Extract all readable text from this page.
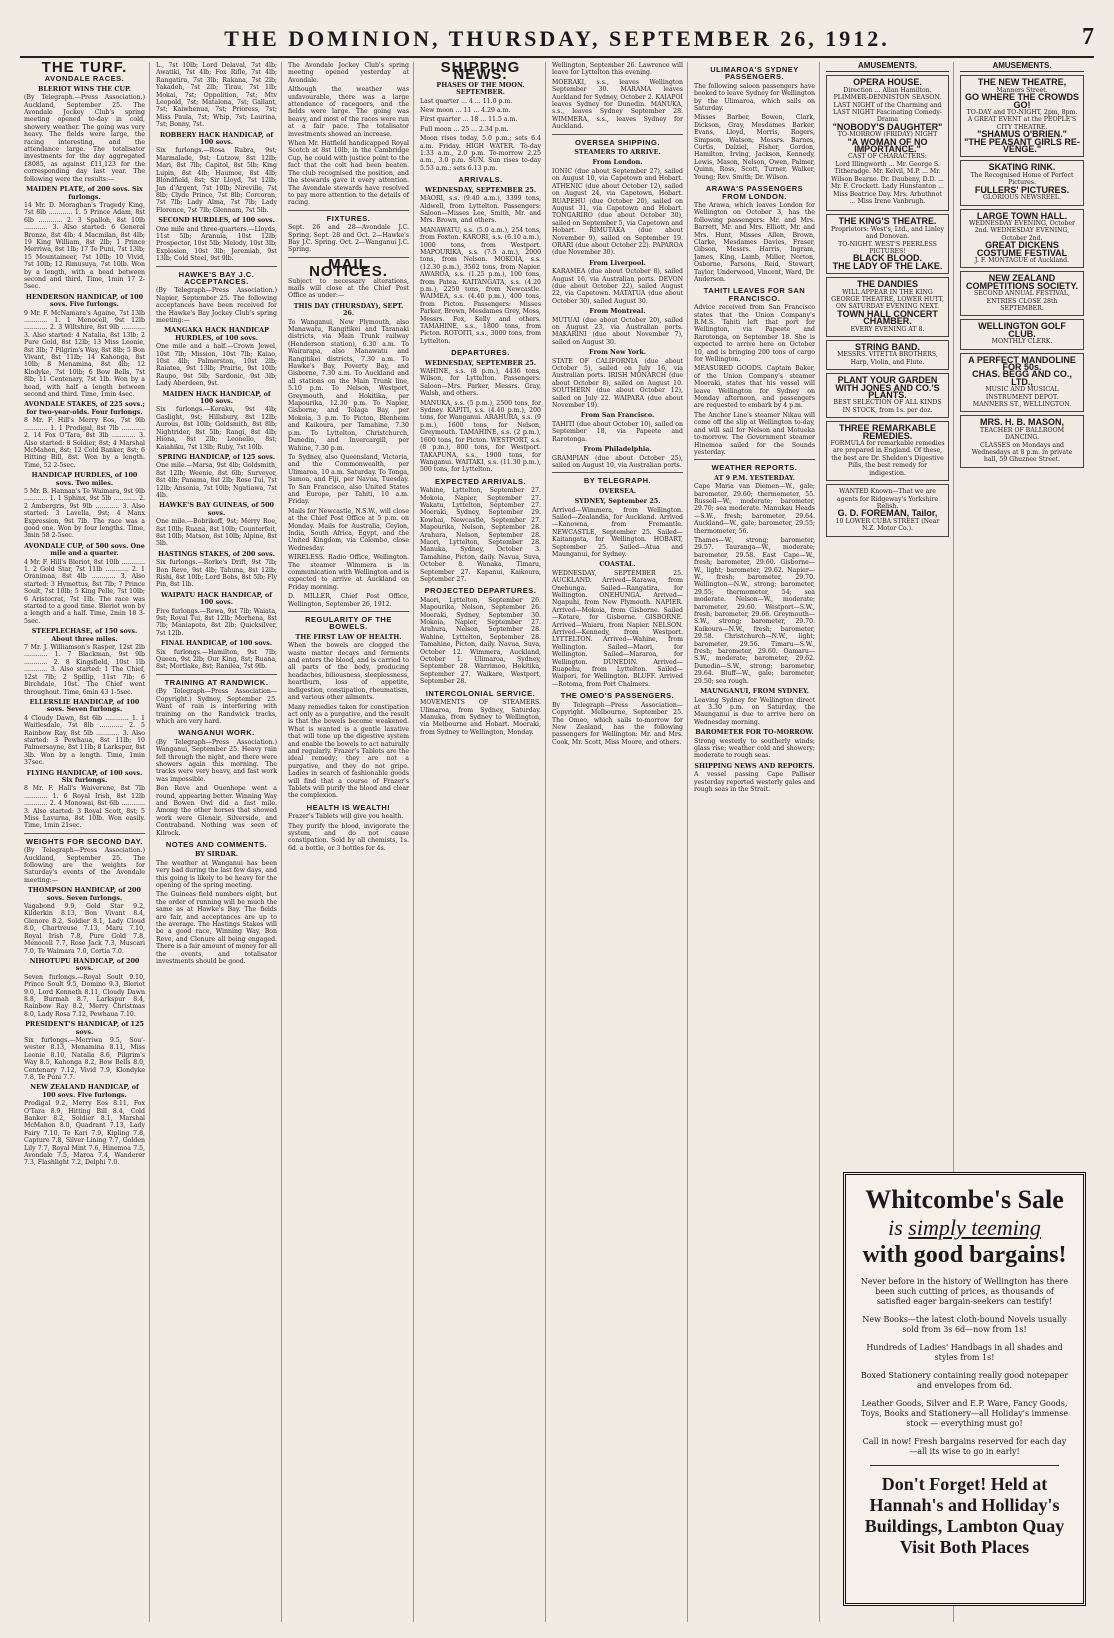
THE DOMINION, THURSDAY, SEPTEMBER 26, 1912.	7
THE TURF.
AVONDALE RACES.
BLERIOT WINS THE CUP.

(By Telegraph.—Press Association.) Auckland, September 25. The Avondale Jockey Club's spring meeting opened to-day in cold, showery weather. The going was very heavy. The fields were large, the racing interesting, and the attendance large. The totalisator investments for the day aggregated £8085, as against £11,123 for the corresponding day last year. The following were the results:—

MAIDEN PLATE, of 200 sovs. Six furlongs.

14 Mr. D. Moraghan's Tragedy King, 7st 8lb ............ 1. 5 Prince Adam, 8st 6lb ............ 2. 3 Spalloh, 8st 10lb ............ 3. Also started: 6 General Bronze, 8st 4lb; 4 Macmilan, 8st 4lb; 19 King William, 8st 2lb; 1 Prince Merriwa, 8st 1lb; 17 Te Puni, 7st 13lb; 15 Mountaineer, 7st 10lb; 10 Vivid, 7st 10lb; 12 Rimusuya, 7st 10lb. Won by a length, with a head between second and third. Time, 1min 17 2-5sec.

HENDERSON HANDICAP, of 100 sovs. Five furlongs.

9 Mr. F. McNamara's Againe, 7st 13lb ............ 1. 1 Menocell, 9st 12lb ............ 2. 3 Wiltshire, 8st 9lb ............ 3. Also started: 4 Natalia, 8st 13lb; 2 Pure Gold, 8st 12lb; 13 Miss Leonie, 8st 3lb; 7 Pilgrim's Way, 8st 8lb; 5 Bon Vivant, 8st 11lb; 14 Kahonga, 8st 10lb; 8 Menamina, 8st 4lb; 12 Klodyke, 7st 10lb; 6 Bow Bells, 7st 8lb; 11 Centenary, 7st 1lb. Won by a head, with half a length between second and third. Time, 1min 4sec.

AVONDALE STAKES, of 225 sovs.; for two-year-olds. Four furlongs.

8 Mr. F. Hill's Merry Eos, 7st 9lb ............ 1. 1 Prodigal, 8st 7lb ............ 2. 14 Fox O'Tara, 8st 3lb ............ 3. Also started: 8 Soldier, 8st; 4 Marshal McMahon, 8st; 12 Cold Banker, 8st; 6 Hitting Bill, 8st. Won by a length. Time, 52 2-5sec.

HANDICAP HURDLES, of 100 sovs. Two miles.

5 Mr. B. Hannan's Te Waimara, 9st 9lb ............ 1. 1 Sphinx, 9st 5lb ............ 2. 2 Ambergris, 9st 9lb ............ 3. Also started: 3 Lavella, 9st; 4 Manx Expression, 9st 7lb. The race was a good one. Won by four lengths. Time, 3min 58 2-5sec.

AVONDALE CUP, of 500 sovs. One mile and a quarter.

4 Mr. F. Hill's Bleriot, 8st 10lb ............ 1. 2 Gold Star, 7st 11lb ............ 2. 1 Oranimaa, 8st 4lb ............ 3. Also started: 3 Hymettus, 8st 7lb; 7 Prince Soult, 7st 10lb; 5 King Pelle, 7st 10lb; 6 Aristocrat, 7st 1lb. The race was started to a good time. Bleriot won by a length and a half. Time, 2min 18 3-5sec.

STEEPLECHASE, of 150 sovs. About three miles.

7 Mr. J. Williamson's Rasper, 12st 2lb ............ 1. 7 Blackman, 9st 9lb ............ 2. 8 Kingsfield, 10st 1lb ............ 3. Also started: 1 The Chief, 12st 7lb; 2 Spillip, 11st 7lb; 6 Birchdale, 10st. The Chief went throughout. Time, 6min 43 1-5sec.

ELLERSLIE HANDICAP, of 100 sovs. Seven furlongs.

4 Cloudy Dawn, 8st 6lb ............ 1. 1 Waitlesdale, 7st 8lb ............ 2. 5 Rainbow Ray, 8st 5lb ............ 3. Also started: 3 Pewhaua, 8st 11lb; 10 Palmersayne, 8st 11lb; 8 Larkspur, 8st 3lb. Won by a length. Time, 1min 37sec.

FLYING HANDICAP, of 100 sovs. Six furlongs.

8 Mr. F. Hall's Waiverene, 8st 7lb ............ 1. 6 Royal Irish, 8st 12lb ............ 2. 4 Monowai, 8st 6lb ............ 3. Also started: 3 Royal Scott, 8st; 5 Miss Lavurna, 8st 10lb. Won easily. Time, 1min 21sec.

WEIGHTS FOR SECOND DAY.

(By Telegraph—Press Association.) Auckland, September 25. The following are the weights for Saturday's events of the Avondale meeting:—

THOMPSON HANDICAP, of 200 sovs. Seven furlongs.

Vagabond 9.9, Gold Star 9.2, Kilderkin 8.13, Bon Vivant 8.4, Glenore 8.2, Soldier 8.1, Lady Cloud 8.0, Chartreuse 7.13, Maru 7.10, Royal Irish 7.8, Pure Gold 7.8, Menocell 7.7, Rose Jack 7.3, Muscari 7.0, Te Waimara 7.0, Cortia 7.0.

NIHOTUPU HANDICAP, of 200 sovs.

Seven furlongs.—Royal Soult 9.10, Prince Soult 9.5, Domino 9.3, Bleriot 9.0, Lord Kenneth 8.11, Cloudy Dawn 8.8, Burmah 8.7, Larkspur 8.4, Rainbow Ray 8.2, Merry Christmas 8.0, Lady Rosa 7.12, Pewhaua 7.10.

PRESIDENT'S HANDICAP, of 125 sovs.

Six furlongs.—Merriwa 9.5, Sou'-wester 8.13, Menamina 8.11, Miss Leonie 8.10, Natalia 8.6, Pilgrim's Way 8.5, Kahonga 8.2, Bow Bells 8.0, Centenary 7.12, Vivid 7.9, Klondyke 7.8, Te Puni 7.7.

NEW ZEALAND HANDICAP, of 100 sovs. Five furlongs.

Prodigal 9.2, Merry Eos 8.11, Fox O'Tara 8.9, Hitting Bill 8.4, Cold Banker 8.2, Soldier 8.1, Marshal McMahon 8.0, Quadrant 7.13, Lady Fairy 7.10, Te Kari 7.9, Kipling 7.8, Capture 7.8, Silver Lining 7.7, Golden Lily 7.7, Royal Mint 7.6, Hinemoa 7.5, Avondale 7.5, Maroa 7.4, Wanderer 7.3, Flashlight 7.2, Delphi 7.0.

L., 7st 10lb; Lord Delaval, 7st 4lb; Awatiki, 7st 4lb; Fox Rifle, 7st 4lb; Rangatira, 7st 3lb; Rakana, 7st 2lb; Yakadeh, 7st 2lb; Tirau, 7st 1lb; Mokai, 7st; Oppolition, 7st; Mtv Leopold, 7st; Matalona, 7st; Gallant, 7st; Kaiwhenua, 7st; Prioress, 7st; Miss Paula, 7st; Whip, 7st; Laurina, 7st; Bonny, 7st.

ROBBERY HACK HANDICAP, of 100 sovs.

Six furlongs.—Rosa Rubra, 9st; Marmalade, 9st; Lutzow, 8st 12lb; Mari, 8st 7lb; Capitol, 8st 5lb; King Lupin, 8st 4lb; Haumoe, 8st 4lb; Blondfield, 8st; Sir Lloyd, 7st 12lb; Jan d'Argent, 7st 10lb; Nireville, 7st 8lb; Clyde Prince, 7st 8lb; Corcoran, 7st 7lb; Lady Alma, 7st 7lb; Lady Florence, 7st 7lb; Glennam, 7st 5lb.

SECOND HURDLES, of 100 sovs.

One mile and three-quarters.—Lloyds, 11st 5lb; Aranuia, 10st 12lb; Prospector, 10st 5lb; Melody, 10st 3lb; Explosion, 10st 3lb; Jeremiah, 9st 13lb; Cold Steel, 9st 9lb.

HAWKE'S BAY J.C. ACCEPTANCES.

(By Telegraph—Press Association.) Napier, September 25. The following acceptances have been received for the Hawke's Bay Jockey Club's spring meeting:—

MANGAKA HACK HANDICAP HURDLES, of 100 sovs.

One mile and a half.—Crown Jewel, 10st 7lb; Mission, 10st 7lb; Kaiao, 10st 4lb; Palmerston, 10st 2lb; Raiatea, 9st 13lb; Prairie, 9st 10lb; Raupo, 9st 5lb; Sardonic, 9st 3lb; Lady Aberdeen, 9st.

MAIDEN HACK HANDICAP, of 100 sovs.

Six furlongs.—Koraku, 9st 4lb; Gaslight, 9st; Hillsbury, 8st 12lb; Aurous, 8st 10lb; Goldsmith, 8st 8lb; Nightrider, 8st 5lb; Rangi, 8st 4lb; Hiona, 8st 2lb; Leonello, 8st; Kaiahiku, 7st 13lb; Ruby, 7st 10lb.

SPRING HANDICAP, of 125 sovs.

One mile.—Marsa, 9st 4lb; Goldsmith, 8st 12lb; Weenie, 8st 6lb; Surveyor, 8st 4lb; Panama, 8st 2lb; Rose Tui, 7st 12lb; Ansonia, 7st 10lb; Ngatiawa, 7st 4lb.

HAWKE'S BAY GUINEAS, of 500 sovs.

One mile.—Bobrikoff, 9st; Merry Roe, 8st 10lb; Ruana, 8st 10lb; Counterfeit, 8st 10lb; Matson, 8st 10lb; Alpine, 8st 5lb.

HASTINGS STAKES, of 200 sovs.

Six furlongs.—Rorke's Drift, 9st 7lb; Bon Reve, 9st 4lb; Tahuna, 8st 12lb; Rishi, 8st 10lb; Lord Bobs, 8st 5lb; Fly Pin, 8st 1lb.

WAIPATU HACK HANDICAP, of 100 sovs.

Five furlongs.—Rewa, 9st 7lb; Waiata, 9st; Royal Tui, 8st 12lb; Morhena, 8st 7lb; Maniapoto, 8st 2lb; Quicksilver, 7st 12lb.

FINAL HANDICAP, of 100 sovs.

Six furlongs.—Hamilton, 9st 7lb; Queen, 9st 2lb; Our King, 8st; Ruana, 8st; Mortlake, 8st; Ranilea, 7st 9lb.

TRAINING AT RANDWICK.

(By Telegraph—Press Association—Copyright.) Sydney, September 25. Want of rain is interfering with training on the Randwick tracks, which are very hard.

WANGANUI WORK.

(By Telegraph—Press Association.) Wanganui, September 25. Heavy rain fell through the night, and there were showers again this morning. The tracks were very heavy, and fast work was impossible.

Bon Reve and Ouenhope went a round, appearing better. Winning Way and Bowen Owl did a fast mile. Among the other horses that showed work were Glenair, Silverside, and Contraband. Nothing was seen of Kilrock.

NOTES AND COMMENTS.
BY SIRDAR.

The weather at Wanganui has been very bad during the last few days, and this going is likely to be heavy for the opening of the spring meeting.

The Guineas field numbers eight, but the order of running will be much the same as at Hawke's Bay. The fields are fair, and acceptances are up to the average. The Hastings Stakes will be a good race, Winning Way, Bon Reve, and Clenure all being engaged. There is a fair amount of money for all the events, and totalisator investments should be good.

The Avondale Jockey Club's spring meeting opened yesterday at Avondale.

Although the weather was unfavourable, there was a large attendance of racegoers, and the fields were large. The going was heavy, and most of the races were run at a fair pace. The totalisator investments showed an increase.

When Mr. Hatfield handicapped Royal Scotch at 8st 10lb, in the Cambridge Cup, he could with justice point to the fact that the colt had been beaten. The club recognised the position, and the stewards gave it every attention. The Avondale stewards have resolved to pay more attention to the details of racing.

FIXTURES.

Sept. 26 and 28—Avondale J.C. Spring. Sept. 28 and Oct. 2—Hawke's Bay J.C. Spring. Oct. 2—Wanganui J.C. Spring.

MAIL NOTICES.

Subject to necessary alterations, mails will close at the Chief Post Office as under:—

THIS DAY (THURSDAY), SEPT. 26.

To Wanganui, New Plymouth, also Manawatu, Rangitikei and Taranaki districts, via Main Trunk railway (Henderson station), 6.30 a.m. To Wairarapa, also Manawatu and Rangitikei districts, 7.30 a.m. To Hawke's Bay, Poverty Bay, and Gisborne, 7.30 a.m. To Auckland and all stations on the Main Trunk line, 5.10 p.m. To Nelson, Westport, Greymouth, and Hokitika, per Mapourika, 12.30 p.m. To Napier, Gisborne, and Tolaga Bay, per Mokoia, 3 p.m. To Picton, Blenheim and Kaikoura, per Tamahine, 7.30 p.m. To Lyttelton, Christchurch, Dunedin, and Invercargill, per Wahine, 7.30 p.m.

To Sydney, also Queensland, Victoria, and the Commonwealth, per Ulimaroa, 10 a.m. Saturday. To Tonga, Samoa, and Fiji, per Navua, Tuesday. To San Francisco, also United States and Europe, per Tahiti, 10 a.m. Friday.

Mails for Newcastle, N.S.W., will close at the Chief Post Office at 5 p.m. on Monday. Mails for Australia, Ceylon, India, South Africa, Egypt, and the United Kingdom, via Colombo, close Wednesday.

WIRELESS. Radio Office, Wellington. The steamer Wimmera is in communication with Wellington and is expected to arrive at Auckland on Friday morning.

D. MILLER, Chief Post Office, Wellington, September 26, 1912.

REGULARITY OF THE BOWELS.
THE FIRST LAW OF HEALTH.

When the bowels are clogged the waste matter decays and ferments and enters the blood, and is carried to all parts of the body, producing headaches, biliousness, sleeplessness, heartburn, loss of appetite, indigestion, constipation, rheumatism, and various other ailments.

Many remedies taken for constipation act only as a purgative, and the result is that the bowels become weakened. What is wanted is a gentle laxative that will tone up the digestive system and enable the bowels to act naturally and regularly. Frazer's Tablets are the ideal remedy; they are not a purgative, and they do not gripe. Ladies in search of fashionable goods will find that a course of Frazer's Tablets will purify the blood and clear the complexion.

HEALTH IS WEALTH!

Frazer's Tablets will give you health.

They purify the blood, invigorate the system, and do not cause constipation. Sold by all chemists, 1s. 6d. a bottle, or 3 bottles for 4s.

SHIPPING NEWS.
PHASES OF THE MOON. SEPTEMBER.

Last quarter ... 4 ... 11.0 p.m.

New moon ... 11 ... 4.29 a.m.

First quarter ... 18 ... 11.5 a.m.

Full moon ... 25 ... 2.34 p.m.

Moon rises today, 5.0 p.m.; sets 6.4 a.m. Friday. HIGH WATER. To-day 1.33 a.m., 2.0 p.m. To-morrow 2.25 a.m., 3.0 p.m. SUN. Sun rises to-day 5.53 a.m.; sets 6.13 p.m.

ARRIVALS.
WEDNESDAY, SEPTEMBER 25.

MAORI, s.s. (9.40 a.m.), 3399 tons, Aldwell, from Lyttelton. Passengers: Saloon—Misses Lee, Smith, Mr. and Mrs. Brown, and others.

MANAWATU, s.s. (5.0 a.m.), 254 tons, from Foxton. KARORI, s.s. (6.10 a.m.), 1000 tons, from Westport. MAPOURIKA, s.s. (7.5 a.m.), 2000 tons, from Nelson. MOKOIA, s.s. (12.30 p.m.), 3502 tons, from Napier. AWAROA, s.s. (1.25 p.m.), 100 tons, from Patea. KAITANGATA, s.s. (4.20 p.m.), 2250 tons, from Newcastle. WAIMEA, s.s. (4.40 p.m.), 400 tons, from Picton. Passengers: Misses Parker, Brown, Mesdames Grey, Moss, Messrs. Fox, Kelly and others. TAMAHINE, s.s., 1800 tons, from Picton. ROTOITI, s.s., 3000 tons, from Lyttelton.

DEPARTURES.
WEDNESDAY, SEPTEMBER 25.

WAHINE, s.s. (8 p.m.), 4436 tons, Wilson, for Lyttelton. Passengers: Saloon—Mrs. Parker, Messrs. Gray, Walsh, and others.

MANUKA, s.s. (5 p.m.), 2500 tons, for Sydney. KAPITI, s.s. (4.40 p.m.), 200 tons, for Wanganui. ARAHURA, s.s. (9 p.m.), 1600 tons, for Nelson, Greymouth. TAMAHINE, s.s. (2 p.m.), 1600 tons, for Picton. WESTPORT, s.s. (8 p.m.), 800 tons, for Westport. TAKAPUNA, s.s., 1900 tons, for Wanganui. WAITAKI, s.s. (11.30 p.m.), 500 tons, for Lyttelton.

EXPECTED ARRIVALS.

Wahine, Lyttelton, September 27. Mokoia, Napier, September 27. Wakatu, Lyttelton, September 27. Moeraki, Sydney, September 29. Kowhai, Newcastle, September 27. Mapourika, Nelson, September 28. Arahura, Nelson, September 28. Maori, Lyttelton, September 28. Manuka, Sydney, October 3. Tamahine, Picton, daily. Navua, Suva, October 8. Wanaka, Timaru, September 27. Kapanui, Kaikoura, September 27.

PROJECTED DEPARTURES.

Maori, Lyttelton, September 26. Mapourika, Nelson, September 26. Moeraki, Sydney, September 30. Mokoia, Napier, September 27. Arahura, Nelson, September 28. Wahine, Lyttelton, September 28. Tamahine, Picton, daily. Navua, Suva, October 12. Wimmera, Auckland, October 1. Ulimaroa, Sydney, September 28. Warrimoo, Hokitika, September 27. Waikare, Westport, September 28.

INTERCOLONIAL SERVICE.

MOVEMENTS OF STEAMERS. Ulimaroa, from Sydney, Saturday. Manuka, from Sydney to Wellington, via Melbourne and Hobart. Moeraki, from Sydney to Wellington, Monday.

Wellington, September 26. Lawrence will leave for Lyttelton this evening.

MOERAKI, s.s., leaves Wellington September 30. MARAMA leaves Auckland for Sydney, October 2. KAIAPOI leaves Sydney for Dunedin. MANUKA, s.s., leaves Sydney September 28. WIMMERA, s.s., leaves Sydney for Auckland.

OVERSEA SHIPPING.
STEAMERS TO ARRIVE.
From London.

IONIC (due about September 27), sailed on August 10, via Capetown and Hobart. ATHENIC (due about October 12), sailed on August 24, via Capetown, Hobart. RUAPEHU (due October 20), sailed on August 31, via Capetown and Hobart. TONGARIRO (due about October 30), sailed on September 5, via Capetown and Hobart. RIMUTAKA (due about November 9), sailed on September 19. ORARI (due about October 22). PAPAROA (due November 30).

From Liverpool.

KARAMEA (due about October 8), sailed August 16, via Australian ports. DEVON (due about October 22), sailed August 22, via Capetown. MATATUA (due about October 30), sailed August 30.

From Montreal.

MUTUAI (due about October 20), sailed on August 23, via Australian ports. MAKARINI (due about November 7), sailed on August 30.

From New York.

STATE OF CALIFORNIA (due about October 5), sailed on July 16, via Australian ports. IRISH MONARCH (due about October 8), sailed on August 10. SOUTHERN (due about October 12), sailed on July 22. WAIPARA (due about November 19).

From San Francisco.

TAHITI (due about October 10), sailed on September 18, via Papeete and Rarotonga.

From Philadelphia.

GRAMPIAN (due about October 25), sailed on August 10, via Australian ports.

BY TELEGRAPH.
OVERSEA.
SYDNEY, September 25.

Arrived—Wimmera, from Wellington. Sailed—Zealandia, for Auckland. Arrived—Kanowna, from Fremantle. NEWCASTLE, September 25. Sailed—Kaitangata, for Wellington. HOBART, September 25. Sailed—Atua and Maunganui, for Sydney.

COASTAL.

WEDNESDAY, SEPTEMBER 25. AUCKLAND. Arrived—Rarawa, from Onehunga. Sailed—Rangatira, for Wellington. ONEHUNGA. Arrived—Ngapuhi, from New Plymouth. NAPIER. Arrived—Mokoia, from Gisborne. Sailed—Kotare, for Gisborne. GISBORNE. Arrived—Waiaru, from Napier. NELSON. Arrived—Kennedy, from Westport. LYTTELTON. Arrived—Wahine, from Wellington. Sailed—Maori, for Wellington. Sailed—Mararoa, for Wellington. DUNEDIN. Arrived—Ruapehu, from Lyttelton. Sailed—Waipori, for Wellington. BLUFF. Arrived—Rotoma, from Port Chalmers.

THE OMEO'S PASSENGERS.

By Telegraph—Press Association—Copyright. Melbourne, September 25. The Omeo, which sails to-morrow for New Zealand, has the following passengers for Wellington: Mr. and Mrs. Cook, Mr. Scott, Miss Moore, and others.

ULIMAROA'S SYDNEY PASSENGERS.

The following saloon passengers have booked to leave Sydney for Wellington by the Ulimaroa, which sails on Saturday.

Misses Barber, Bowen, Clark, Dickson, Gray, Mesdames Barker, Evans, Lloyd, Morris, Rogers, Simpson, Watson; Messrs. Barnes, Curtis, Dalziel, Fisher, Gordon, Hamilton, Irving, Jackson, Kennedy, Lewis, Mason, Nelson, Owen, Palmer, Quinn, Ross, Scott, Turner, Walker, Young; Rev. Smith; Dr. Wilson.

ARAWA'S PASSENGERS FROM LONDON.

The Arawa, which leaves London for Wellington on October 3, has the following passengers: Mr. and Mrs. Barrett, Mr. and Mrs. Elliott, Mr. and Mrs. Hunt, Misses Allen, Brown, Clarke, Mesdames Davies, Fraser, Gibson, Messrs. Harris, Ingram, James, King, Lamb, Miller, Norton, Osborne, Parsons, Reid, Stewart, Taylor, Underwood, Vincent, Ward, Dr. Anderson.

TAHITI LEAVES FOR SAN FRANCISCO.

Advice received from San Francisco states that the Union Company's R.M.S. Tahiti left that port for Wellington, via Papeete and Rarotonga, on September 18. She is expected to arrive here on October 10, and is bringing 200 tons of cargo for Wellington.

MEASURED GOODS. Captain Baker, of the Union Company's steamer Moeraki, states that his vessel will leave Wellington for Sydney on Monday afternoon, and passengers are requested to embark by 4 p.m.

The Anchor Line's steamer Nikau will come off the slip at Wellington to-day, and will sail for Nelson and Motueka to-morrow. The Government steamer Hinemoa sailed for the Sounds yesterday.

WEATHER REPORTS.
AT 9 P.M. YESTERDAY.

Cape Maria van Diemen—W., gale; barometer, 29.60; thermometer, 55. Russell—W., moderate; barometer, 29.70; sea moderate. Manukau Heads—S.W., fresh; barometer, 29.64. Auckland—W., gale; barometer, 29.55; thermometer, 56.

Thames—W., strong; barometer, 29.57. Tauranga—W., moderate; barometer, 29.58. East Cape—W., fresh; barometer, 29.60. Gisborne—W., light; barometer, 29.62. Napier—W., fresh; barometer, 29.70. Wellington—N.W., strong; barometer, 29.55; thermometer, 54; sea moderate. Nelson—W., moderate; barometer, 29.60. Westport—S.W., fresh; barometer, 29.66. Greymouth—S.W., strong; barometer, 29.70. Kaikoura—N.W., fresh; barometer, 29.58. Christchurch—N.W., light; barometer, 29.56. Timaru—S.W., fresh; barometer, 29.60. Oamaru—S.W., moderate; barometer, 29.62. Dunedin—S.W., strong; barometer, 29.64. Bluff—W., gale; barometer, 29.50; sea rough.

MAUNGANUI, FROM SYDNEY.

Leaving Sydney for Wellington direct at 3.30 p.m. on Saturday, the Maunganui is due to arrive here on Wednesday morning.

BAROMETER FOR TO-MORROW.

Strong westerly to southerly winds; glass rise; weather cold and showery; moderate to rough seas.

SHIPPING NEWS AND REPORTS.

A vessel passing Cape Palliser yesterday reported westerly gales and rough seas in the Strait.

AMUSEMENTS.
OPERA HOUSE.
Direction ... Allan Hamilton.
PLIMMER-DENNISTON SEASON.
LAST NIGHT of the Charming and LAST NIGHT Fascinating Comedy-Drama
"NOBODY'S DAUGHTER"
TO-MORROW (FRIDAY) NIGHT
"A WOMAN OF NO IMPORTANCE."
CAST OF CHARACTERS:

Lord Illingworth ... Mr. George S. Titheradge. Mr. Kelvil, M.P. ... Mr. Wilson Bearne. Dr. Daubeny, D.D. ... Mr. F. Crockett. Lady Hunstanton ... Miss Beatrice Day. Mrs. Arbuthnot ... Miss Irene Vanbrugh.

THE KING'S THEATRE.
Proprietors: West's, Ltd., and Linley and Donovan.
TO-NIGHT. WEST'S PEERLESS PICTURES!
BLACK BLOOD.
THE LADY OF THE LAKE.
THE DANDIES
WILL APPEAR IN THE KING GEORGE THEATRE, LOWER HUTT, ON SATURDAY EVENING NEXT.
TOWN HALL CONCERT CHAMBER.
EVERY EVENING AT 8.
STRING BAND.
MESSRS. VITETTA BROTHERS, Harp, Violin, and Flute.
PLANT YOUR GARDEN WITH JONES AND CO.'S PLANTS.
BEST SELECTION OF ALL KINDS IN STOCK, from 1s. per doz.
THREE REMARKABLE REMEDIES.
FORMULA for remarkable remedies are prepared in England. Of these, the best are Dr. Sheldon's Digestive Pills, the best remedy for indigestion.
WANTED Known—That we are agents for Ridgeway's Yorkshire Relish.
G. D. FOREMAN, Tailor,
10 LOWER CUBA STREET (Near N.Z. Motor Co.).
AMUSEMENTS.
THE NEW THEATRE,
Manners Street.
GO WHERE THE CROWDS GO!
TO-DAY and TO-NIGHT, 2pm, 8pm.
A GREAT EVENT at the PEOPLE'S CITY THEATRE.
"SHAMUS O'BRIEN."
"THE PEASANT GIRLS RE-VENGE."
SKATING RINK.
The Recognised Home of Perfect Pictures.
FULLERS' PICTURES.
GLORIOUS NEWSREEL.
LARGE TOWN HALL.
WEDNESDAY EVENING, October 2nd. WEDNESDAY EVENING, October 2nd.
GREAT DICKENS COSTUME FESTIVAL
J. F. MONTAGUE of Auckland.
NEW ZEALAND COMPETITIONS SOCIETY.
SECOND ANNUAL FESTIVAL,
ENTRIES CLOSE 28th SEPTEMBER.
WELLINGTON GOLF CLUB.
MONTHLY CLERK.
A PERFECT MANDOLINE FOR 50s.
CHAS. BEGG AND CO., LTD.,
MUSIC AND MUSICAL INSTRUMENT DEPOT.
MANNERS ST., WELLINGTON.
MRS. H. B. MASON,
TEACHER OF BALLROOM DANCING.
CLASSES on Mondays and Wednesdays at 8 p.m. in private hall, 59 Ghuznee Street.
Whitcombe's Sale
is simply teeming
with good bargains!
Never before in the history of Wellington has there been such cutting of prices, as thousands of satisfied eager bargain-seekers can testify!
New Books—the latest cloth-bound Novels usually sold from 3s 6d—now from 1s!
Hundreds of Ladies' Handbags in all shades and styles from 1s!
Boxed Stationery containing really good notepaper and envelopes from 6d.
Leather Goods, Silver and E.P. Ware, Fancy Goods, Toys, Books and Stationery—all Holiday's immense stock — everything must go!
Call in now! Fresh bargains reserved for each day—all its wise to go in early!
Don't Forget! Held at Hannah's and Holliday's Buildings, Lambton Quay Visit Both Places
